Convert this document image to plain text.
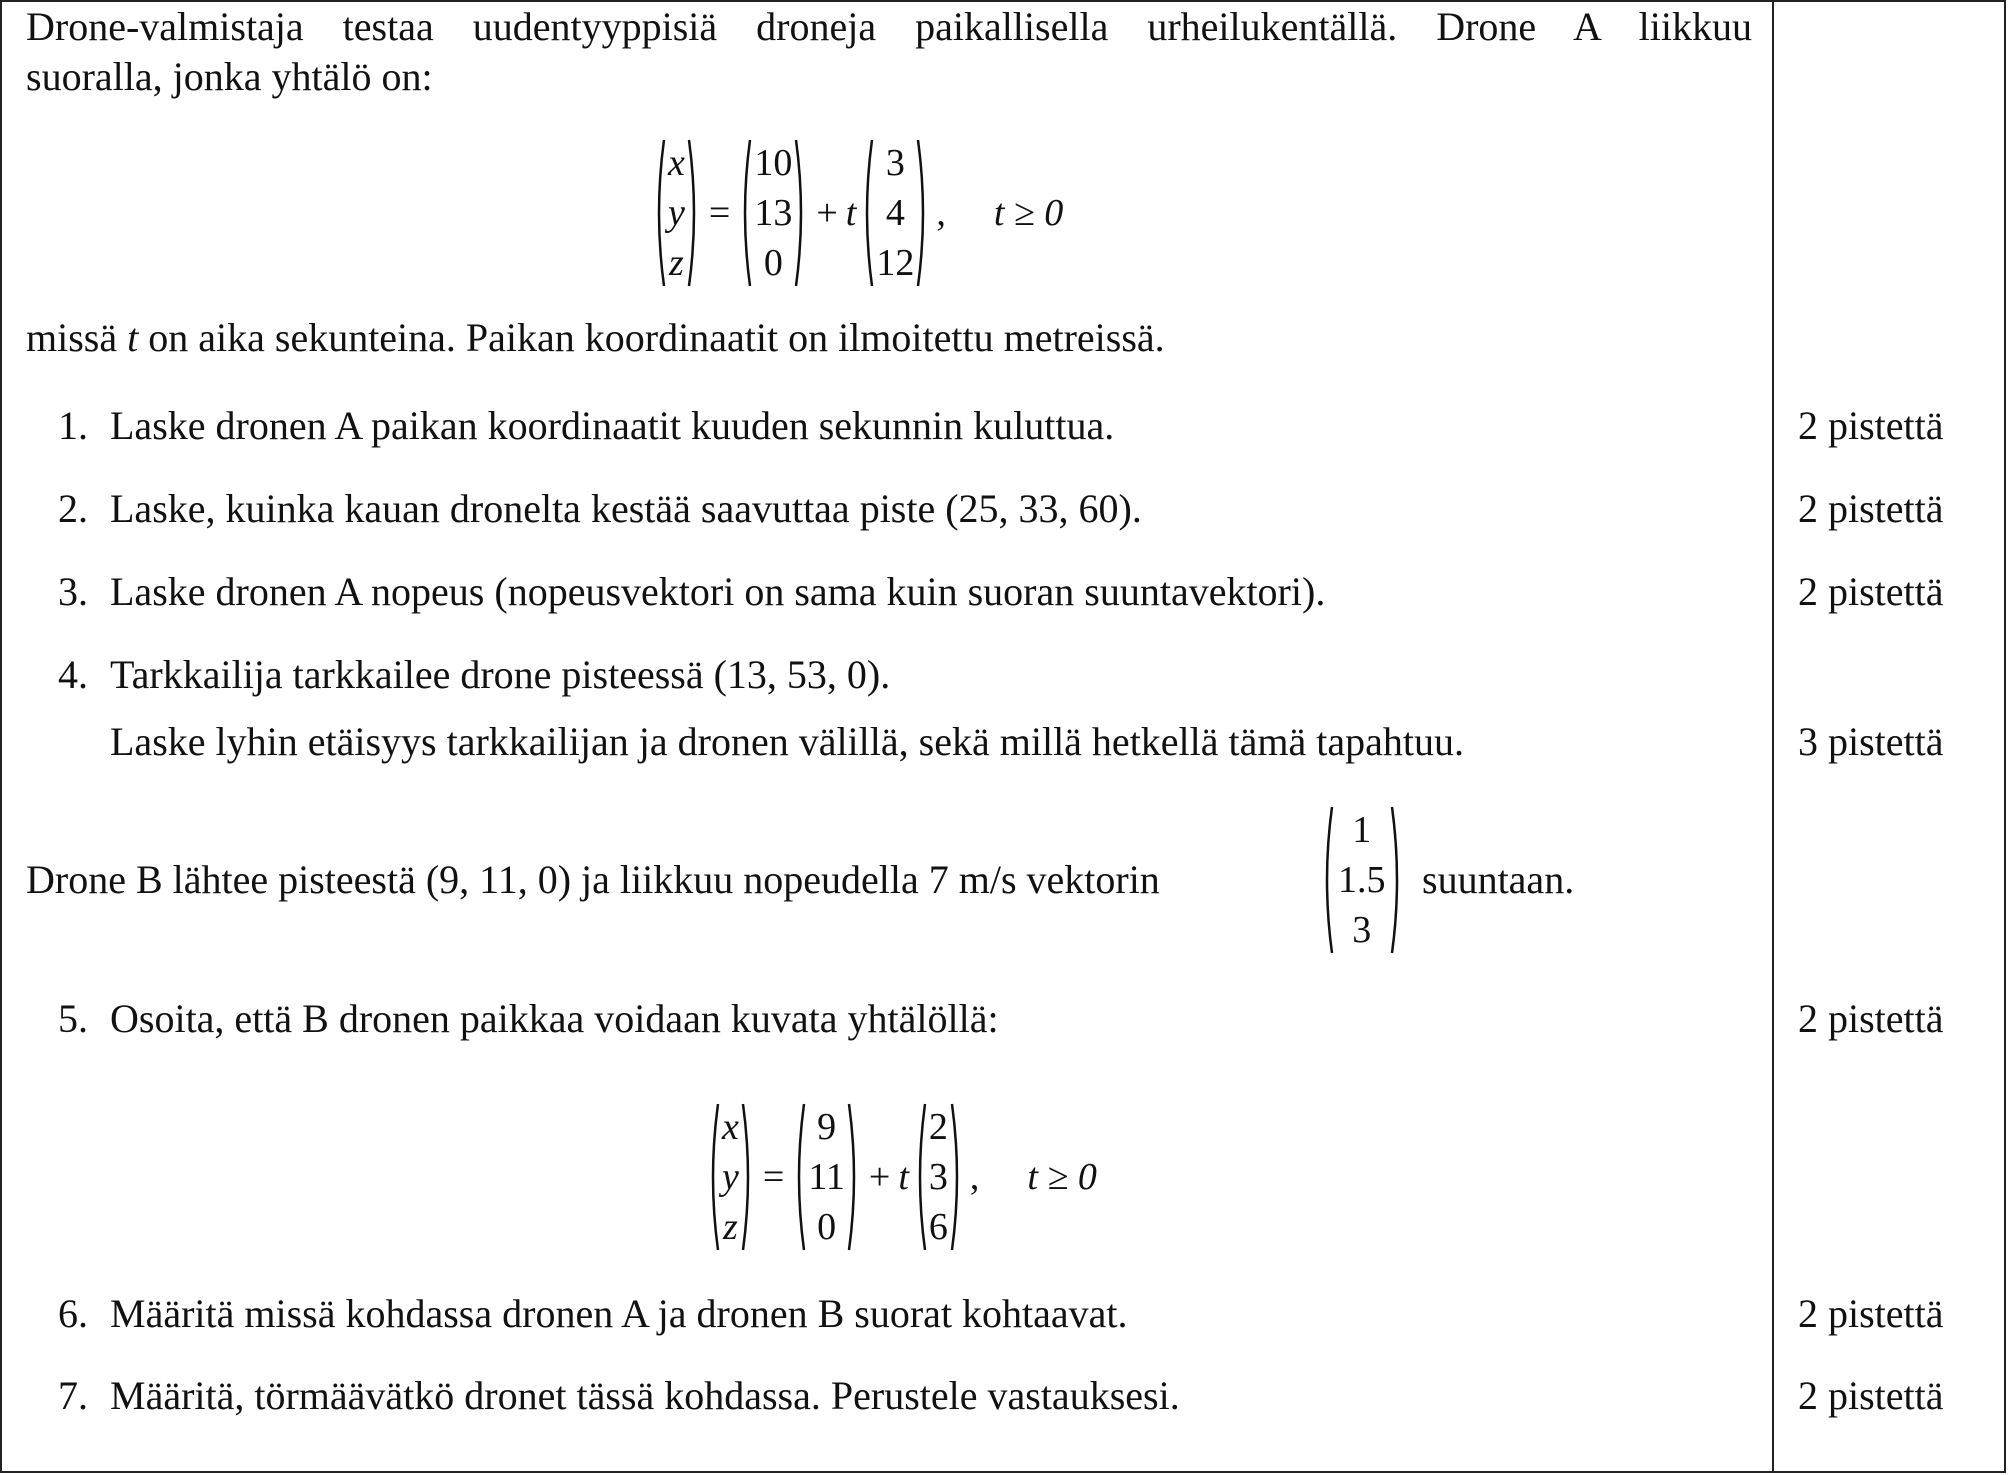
Drone-valmistaja testaa uudentyyppisiä droneja paikallisella urheilukentällä. Drone A liikkuu
suoralla, jonka yhtälö on:
x
y
z
=
10
13
0
+ t
3
4
12
, t ≥ 0
missä t on aika sekunteina. Paikan koordinaatit on ilmoitettu metreissä.
1. Laske dronen A paikan koordinaatit kuuden sekunnin kuluttua.	2 pistettä
2. Laske, kuinka kauan dronelta kestää saavuttaa piste (25, 33, 60).	2 pistettä
3. Laske dronen A nopeus (nopeusvektori on sama kuin suoran suuntavektori).	2 pistettä
4. Tarkkailija tarkkailee drone pisteessä (13, 53, 0).
Laske lyhin etäisyys tarkkailijan ja dronen välillä, sekä millä hetkellä tämä tapahtuu.	3 pistettä
Drone B lähtee pisteestä (9, 11, 0) ja liikkuu nopeudella 7 m/s vektorin
1
1.5
3
suuntaan.
5. Osoita, että B dronen paikkaa voidaan kuvata yhtälöllä:	2 pistettä
x
y
z
=
9
11
0
+ t
2
3
6
, t ≥ 0
6. Määritä missä kohdassa dronen A ja dronen B suorat kohtaavat.	2 pistettä
7. Määritä, törmäävätkö dronet tässä kohdassa. Perustele vastauksesi.	2 pistettä
